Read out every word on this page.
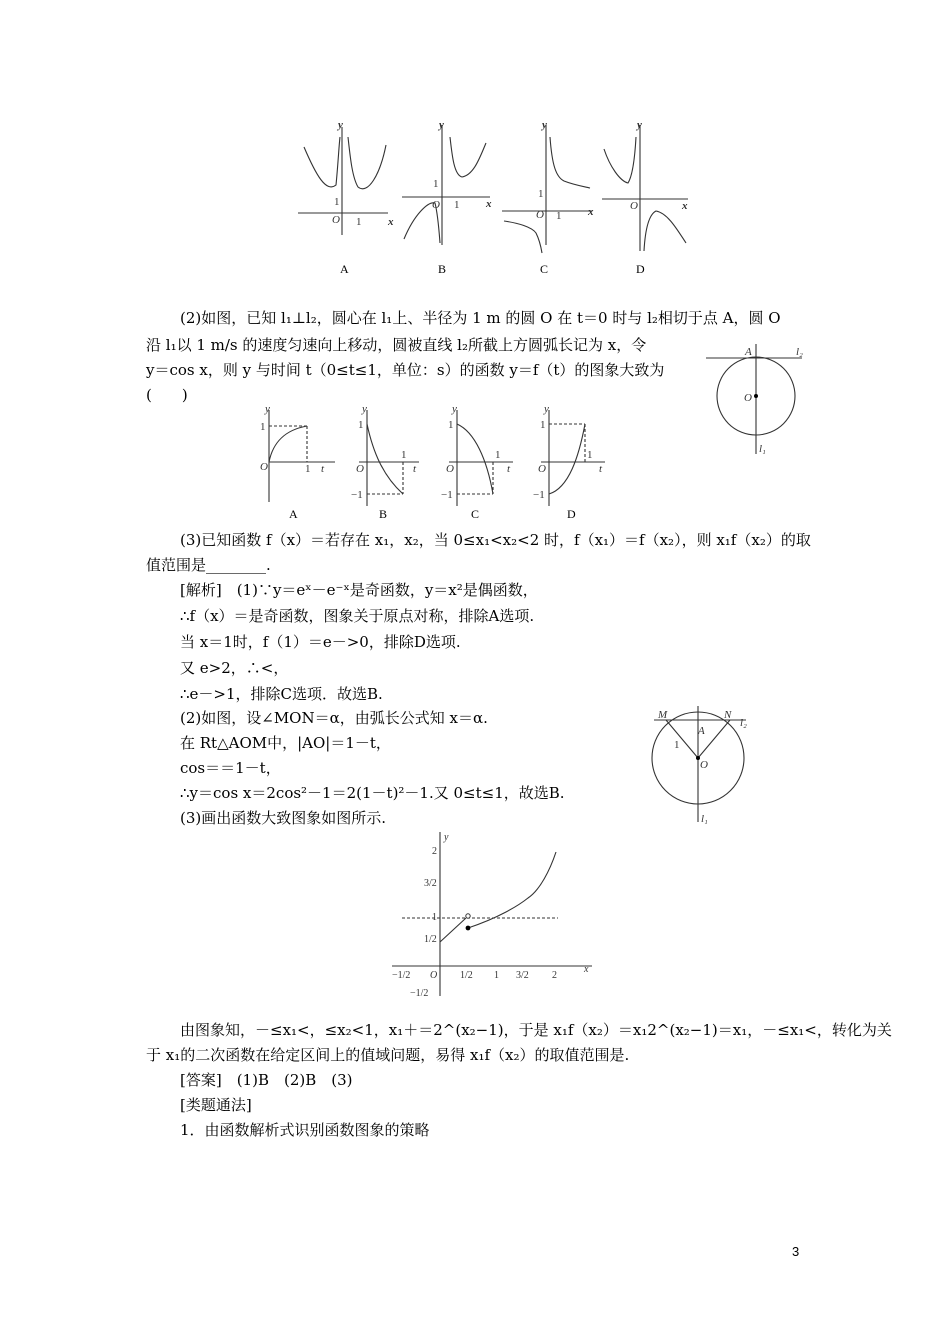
y
x
O 1
1
y
x
O 1
1
y
x
O 1
1
y
x
O
A	B	C	D
(2)如图，已知 l₁⊥l₂，圆心在 l₁上、半径为 1 m 的圆 O 在 t＝0 时与 l₂相切于点 A，圆 O
沿 l₁以 1 m/s 的速度匀速向上移动，圆被直线 l₂所截上方圆弧长记为 x，令
y＝cos x，则 y 与时间 t（0≤t≤1，单位：s）的函数 y＝f（t）的图象大致为
(　　)
A
O
l₂
l₁
y
1
O	1 t
y
1
O
1
t
−1
y
1
O
1
t
−1
y
1
O
1
t
−1
A	B	C	D
(3)已知函数 f（x）＝若存在 x₁，x₂，当 0≤x₁<x₂<2 时，f（x₁）＝f（x₂），则 x₁f（x₂）的取
值范围是________.
[解析]　(1)∵y＝eˣ－e⁻ˣ是奇函数，y＝x²是偶函数，
∴f（x）＝是奇函数，图象关于原点对称，排除A选项.
当 x＝1时，f（1）＝e－>0，排除D选项.
又 e>2，∴<，
∴e－>1，排除C选项．故选B.
(2)如图，设∠MON＝α，由弧长公式知 x＝α.
在 Rt△AOM中，|AO|＝1－t，
cos＝＝1－t，
∴y＝cos x＝2cos²－1＝2(1－t)²－1.又 0≤t≤1，故选B.
(3)画出函数大致图象如图所示.
M	N
A
O
l₂
l₁
1
y
x
O
2
3/2
1
1/2
−1/2
−1/2	1/2 1 3/2 2
由图象知，－≤x₁<，≤x₂<1，x₁＋＝2^(x₂−1)，于是 x₁f（x₂）＝x₁2^(x₂−1)＝x₁，－≤x₁<，转化为关
于 x₁的二次函数在给定区间上的值域问题，易得 x₁f（x₂）的取值范围是.
[答案]　(1)B　(2)B　(3)
[类题通法]
1．由函数解析式识别函数图象的策略
3
